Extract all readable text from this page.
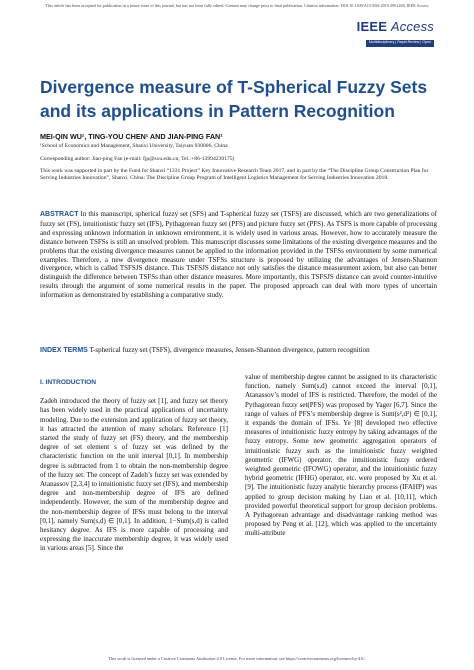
This article has been accepted for publication in a future issue of this journal, but has not been fully edited. Content may change prior to final publication. Citation information: DOI 10.1109/ACCESS.2019.2961260, IEEE Access
IEEE Access
Multidisciplinary | Rapid Review | Open Access Journal
Divergence measure of T-Spherical Fuzzy Sets and its applications in Pattern Recognition
MEI-QIN WU¹, TING-YOU CHEN¹ AND JIAN-PING FAN¹
¹School of Economics and Management, Shanxi University, Taiyuan 030006, China
Corresponding author: Jian-ping Fan (e-mail: fjp@sxu.edu.cn; Tel.:+86-13994230175)
This work was supported in part by the Fund for Shanxi “1331 Project” Key Innovative Research Team 2017, and in part by the “The Discipline Group Construction Plan for Serving Industries Innovation”, Shanxi, China: The Discipline Group Program of Intelligent Logistics Management for Serving Industries Innovation 2018.
ABSTRACT In this manuscript, spherical fuzzy set (SFS) and T-spherical fuzzy set (TSFS) are discussed, which are two generalizations of fuzzy set (FS), intuitionistic fuzzy set (IFS), Pythagorean fuzzy set (PFS) and picture fuzzy set (PFS). As TSFS is more capable of processing and expressing unknown information in unknown environment, it is widely used in various areas. However, how to accurately measure the distance between TSFSs is still an unsolved problem. This manuscript discusses some limitations of the existing divergence measures and the problems that the existing divergence measures cannot be applied to the information provided in the TSFSs environment by some numerical examples. Therefore, a new divergence measure under TSFSs structure is proposed by utilizing the advantages of Jensen-Shannon divergence, which is called TSFSJS distance. This TSFSJS distance not only satisfies the distance measurement axiom, but also can better distinguish the difference between TSFSs than other distance measures. More importantly, this TSFSJS distance can avoid counter-intuitive results through the argument of some numerical results in the paper. The proposed approach can deal with more types of uncertain information as demonstrated by establishing a comparative study.
INDEX TERMS T-spherical fuzzy set (TSFS), divergence measures, Jensen-Shannon divergence, pattern recognition
I. INTRODUCTION

Zadeh introduced the theory of fuzzy set [1], and fuzzy set theory has been widely used in the practical applications of uncertainty modeling. Due to the extension and application of fuzzy set theory, it has attracted the attention of many scholars. Reference [1] started the study of fuzzy set (FS) theory, and the membership degree of set element s of fuzzy set was defined by the characteristic function on the unit interval [0,1]. In membership degree is subtracted from 1 to obtain the non-membership degree of the fuzzy set. The concept of Zadeh’s fuzzy set was extended by Atanassov [2,3,4] to intuitionistic fuzzy set (IFS), and membership degree and non-membership degree of IFS are defined independently. However, the sum of the membership degree and the non-membership degree of IFSs must belong to the interval [0,1], namely Sum(s,d) ∈ [0,1]. In addition, 1−Sum(s,d) is called hesitancy degree. As IFS is more capable of processing and expressing the inaccurate membership degree, it was widely used in various areas [5]. Since the

value of membership degree cannot be assigned to its characteristic function, namely Sum(s,d) cannot exceed the interval [0,1], Atanassov’s model of IFS is restricted. Therefore, the model of the Pythagorean fuzzy set(PFS) was proposed by Yager [6,7]. Since the range of values of PFS’s membership degree is Sum(s²,d²) ∈ [0,1], it expands the domain of IFSs. Ye [8] developed two effective measures of intuitionistic fuzzy entropy by taking advantages of the fuzzy entropy. Some new geometric aggregation operators of intuitionistic fuzzy such as the intuitionistic fuzzy weighted geometric (IFWG) operator, the intuitionistic fuzzy ordered weighted geometric (IFOWG) operator, and the intuitionistic fuzzy hybrid geometric (IFHG) operator, etc. were proposed by Xu et al. [9]. The intuitionistic fuzzy analytic hierarchy process (IFAHP) was applied to group decision making by Liao et al. [10,11], which provided powerful theoretical support for group decision problems. A Pythagorean advantage and disadvantage ranking method was proposed by Peng et al. [12], which was applied to the uncertainty multi-attribute

This work is licensed under a Creative Commons Attribution 4.0 License. For more information, see https://creativecommons.org/licenses/by/4.0/.
